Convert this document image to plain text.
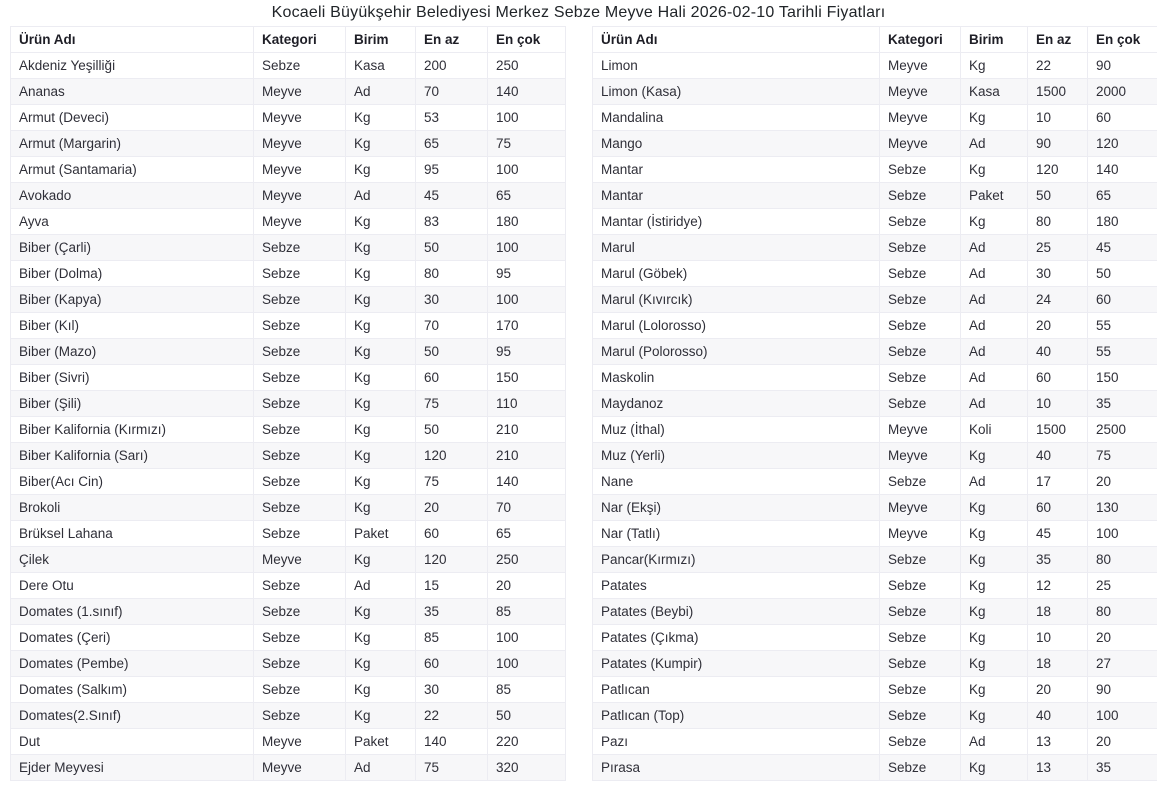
Kocaeli Büyükşehir Belediyesi Merkez Sebze Meyve Hali 2026-02-10 Tarihli Fiyatları
Ürün Adı	Kategori	Birim	En az	En çok
Akdeniz Yeşilliği	Sebze	Kasa	200	250
Ananas	Meyve	Ad	70	140
Armut (Deveci)	Meyve	Kg	53	100
Armut (Margarin)	Meyve	Kg	65	75
Armut (Santamaria)	Meyve	Kg	95	100
Avokado	Meyve	Ad	45	65
Ayva	Meyve	Kg	83	180
Biber (Çarli)	Sebze	Kg	50	100
Biber (Dolma)	Sebze	Kg	80	95
Biber (Kapya)	Sebze	Kg	30	100
Biber (Kıl)	Sebze	Kg	70	170
Biber (Mazo)	Sebze	Kg	50	95
Biber (Sivri)	Sebze	Kg	60	150
Biber (Şili)	Sebze	Kg	75	110
Biber Kalifornia (Kırmızı)	Sebze	Kg	50	210
Biber Kalifornia (Sarı)	Sebze	Kg	120	210
Biber(Acı Cin)	Sebze	Kg	75	140
Brokoli	Sebze	Kg	20	70
Brüksel Lahana	Sebze	Paket	60	65
Çilek	Meyve	Kg	120	250
Dere Otu	Sebze	Ad	15	20
Domates (1.sınıf)	Sebze	Kg	35	85
Domates (Çeri)	Sebze	Kg	85	100
Domates (Pembe)	Sebze	Kg	60	100
Domates (Salkım)	Sebze	Kg	30	85
Domates(2.Sınıf)	Sebze	Kg	22	50
Dut	Meyve	Paket	140	220
Ejder Meyvesi	Meyve	Ad	75	320
Ürün Adı	Kategori	Birim	En az	En çok
Limon	Meyve	Kg	22	90
Limon (Kasa)	Meyve	Kasa	1500	2000
Mandalina	Meyve	Kg	10	60
Mango	Meyve	Ad	90	120
Mantar	Sebze	Kg	120	140
Mantar	Sebze	Paket	50	65
Mantar (İstiridye)	Sebze	Kg	80	180
Marul	Sebze	Ad	25	45
Marul (Göbek)	Sebze	Ad	30	50
Marul (Kıvırcık)	Sebze	Ad	24	60
Marul (Lolorosso)	Sebze	Ad	20	55
Marul (Polorosso)	Sebze	Ad	40	55
Maskolin	Sebze	Ad	60	150
Maydanoz	Sebze	Ad	10	35
Muz (İthal)	Meyve	Koli	1500	2500
Muz (Yerli)	Meyve	Kg	40	75
Nane	Sebze	Ad	17	20
Nar (Ekşi)	Meyve	Kg	60	130
Nar (Tatlı)	Meyve	Kg	45	100
Pancar(Kırmızı)	Sebze	Kg	35	80
Patates	Sebze	Kg	12	25
Patates (Beybi)	Sebze	Kg	18	80
Patates (Çıkma)	Sebze	Kg	10	20
Patates (Kumpir)	Sebze	Kg	18	27
Patlıcan	Sebze	Kg	20	90
Patlıcan (Top)	Sebze	Kg	40	100
Pazı	Sebze	Ad	13	20
Pırasa	Sebze	Kg	13	35
